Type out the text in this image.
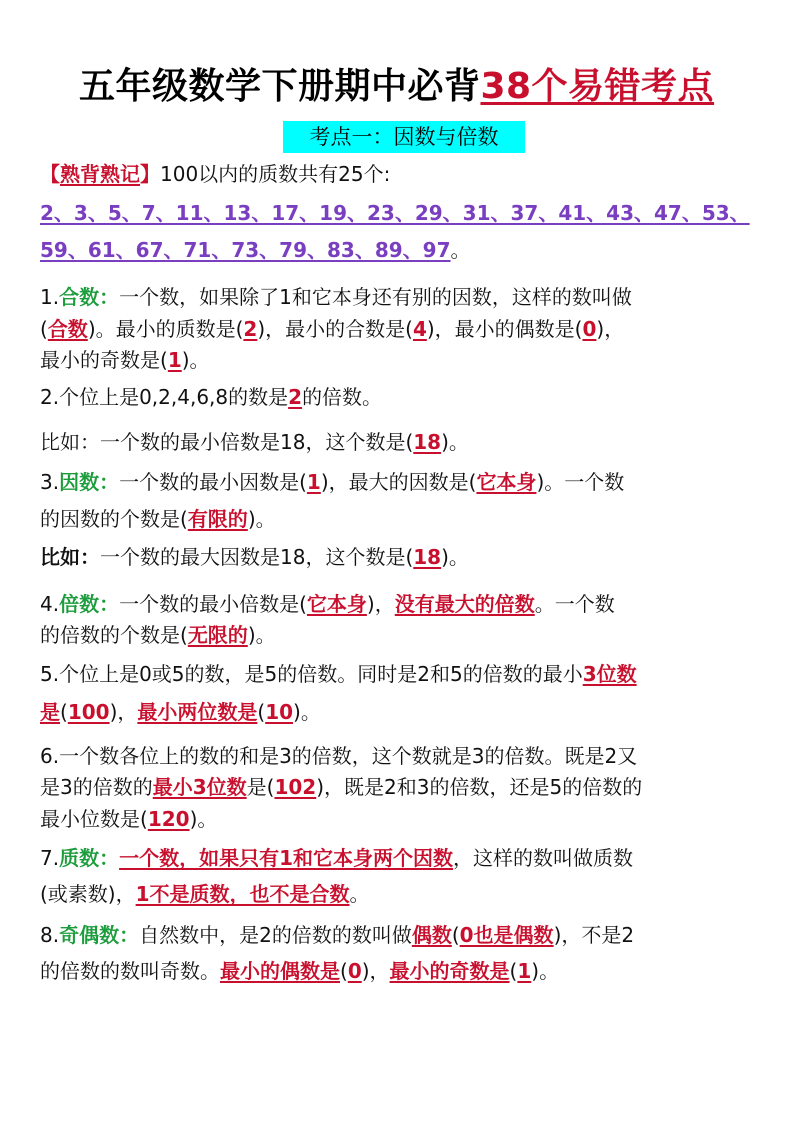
五年级数学下册期中必背38个易错考点
考点一：因数与倍数
【熟背熟记】100以内的质数共有25个:
2、3、5、7、11、13、17、19、23、29、31、37、41、43、47、53、
59、61、67、71、73、79、83、89、97。
1.合数：一个数，如果除了1和它本身还有别的因数，这样的数叫做
(合数)。最小的质数是(2)，最小的合数是(4)，最小的偶数是(0)，
最小的奇数是(1)。
2.个位上是0,2,4,6,8的数是2的倍数。
比如：一个数的最小倍数是18，这个数是(18)。
3.因数：一个数的最小因数是(1)，最大的因数是(它本身)。一个数
的因数的个数是(有限的)。
比如：一个数的最大因数是18，这个数是(18)。
4.倍数：一个数的最小倍数是(它本身)，没有最大的倍数。一个数
的倍数的个数是(无限的)。
5.个位上是0或5的数，是5的倍数。同时是2和5的倍数的最小3位数
是(100)，最小两位数是(10)。
6.一个数各位上的数的和是3的倍数，这个数就是3的倍数。既是2又
是3的倍数的最小3位数是(102)，既是2和3的倍数，还是5的倍数的
最小位数是(120)。
7.质数：一个数，如果只有1和它本身两个因数，这样的数叫做质数
(或素数)，1不是质数，也不是合数。
8.奇偶数：自然数中，是2的倍数的数叫做偶数(0也是偶数)，不是2
的倍数的数叫奇数。最小的偶数是(0)，最小的奇数是(1)。
